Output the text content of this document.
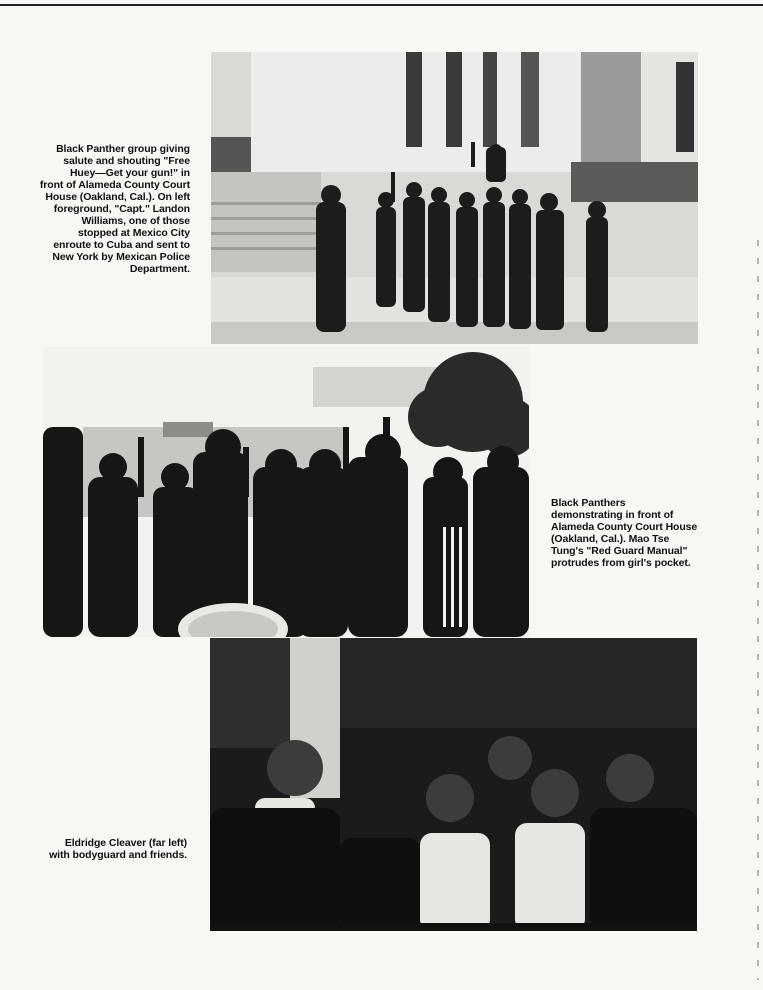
Black Panther group giving
salute and shouting "Free
Huey—Get your gun!" in
front of Alameda County Court
House (Oakland, Cal.). On left
foreground, "Capt." Landon
Williams, one of those
stopped at Mexico City
enroute to Cuba and sent to
New York by Mexican Police
Department.

Black Panthers
demonstrating in front of
Alameda County Court House
(Oakland, Cal.). Mao Tse
Tung's "Red Guard Manual"
protrudes from girl's pocket.

Eldridge Cleaver (far left)
with bodyguard and friends.
